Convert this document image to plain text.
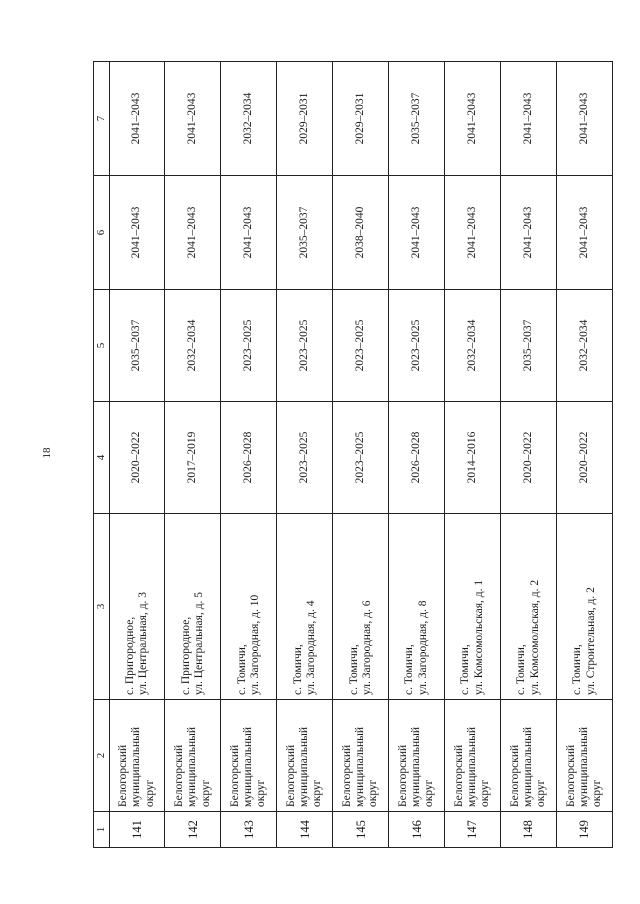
18
1	2	3	4	5	6	7
141	Белогорский муниципальный округ	с. Пригородное, ул. Центральная, д. 3	2020–2022	2035–2037	2041–2043	2041–2043
142	Белогорский муниципальный округ	с. Пригородное, ул. Центральная, д. 5	2017–2019	2032–2034	2041–2043	2041–2043
143	Белогорский муниципальный округ	с. Томичи, ул. Загородная, д. 10	2026–2028	2023–2025	2041–2043	2032–2034
144	Белогорский муниципальный округ	с. Томичи, ул. Загородная, д. 4	2023–2025	2023–2025	2035–2037	2029–2031
145	Белогорский муниципальный округ	с. Томичи, ул. Загородная, д. 6	2023–2025	2023–2025	2038–2040	2029–2031
146	Белогорский муниципальный округ	с. Томичи, ул. Загородная, д. 8	2026–2028	2023–2025	2041–2043	2035–2037
147	Белогорский муниципальный округ	с. Томичи, ул. Комсомольская, д. 1	2014–2016	2032–2034	2041–2043	2041–2043
148	Белогорский муниципальный округ	с. Томичи, ул. Комсомольская, д. 2	2020–2022	2035–2037	2041–2043	2041–2043
149	Белогорский муниципальный округ	с. Томичи, ул. Строительная, д. 2	2020–2022	2032–2034	2041–2043	2041–2043
